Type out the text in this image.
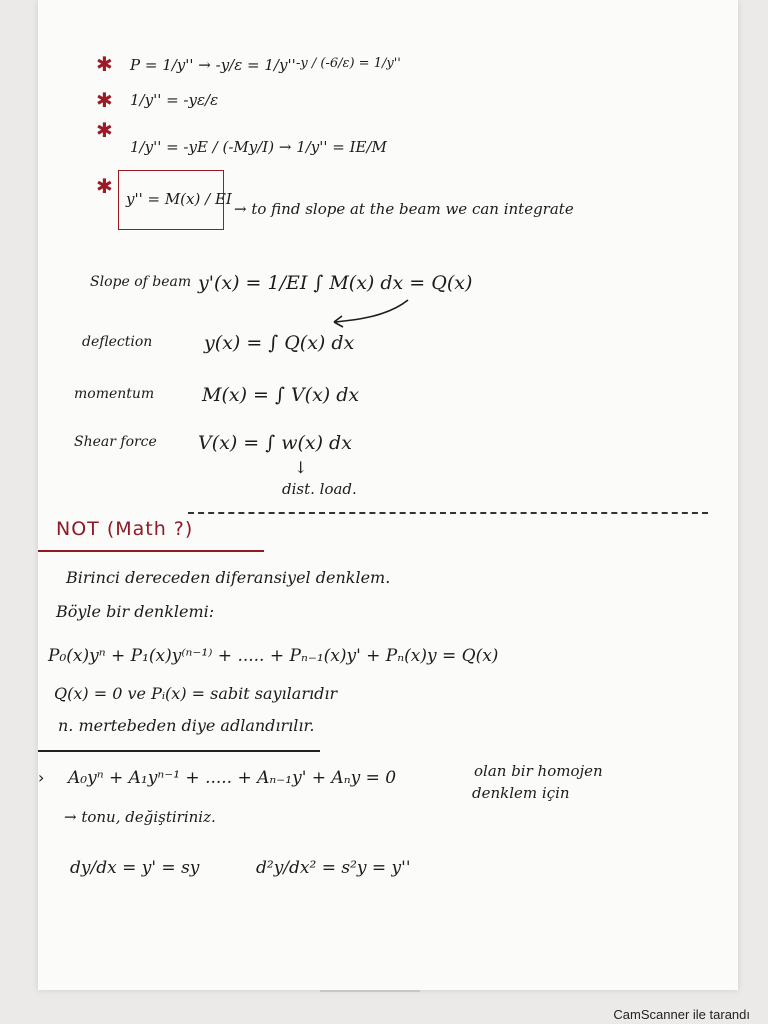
✱ P = 1/y'' → -y/ε = 1/y'' -y / (-6/ε) = 1/y''
✱ 1/y'' = -yε/ε
✱
1/y'' = -yE / (-My/I) → 1/y'' = IE/M
✱
y'' = M(x) / EI
→ to find slope at the beam we can integrate
Slope of beam y'(x) = 1/EI ∫ M(x) dx = Q(x)
deflection	y(x) = ∫ Q(x) dx
momentum	M(x) = ∫ V(x) dx
Shear force V(x) = ∫ w(x) dx
↓
dist. load.
NOT (Math ?)
Birinci dereceden diferansiyel denklem.
Böyle bir denklemi:
P₀(x)yⁿ + P₁(x)y⁽ⁿ⁻¹⁾ + ..... + Pₙ₋₁(x)y' + Pₙ(x)y = Q(x)
Q(x) = 0 ve Pᵢ(x) = sabit sayılarıdır
n. mertebeden diye adlandırılır.
› A₀yⁿ + A₁yⁿ⁻¹ + ..... + Aₙ₋₁y' + Aₙy = 0	olan bir homojen
denklem için
→ tonu, değiştiriniz.
dy/dx = y' = sy	d²y/dx² = s²y = y''
CamScanner ile tarandı
